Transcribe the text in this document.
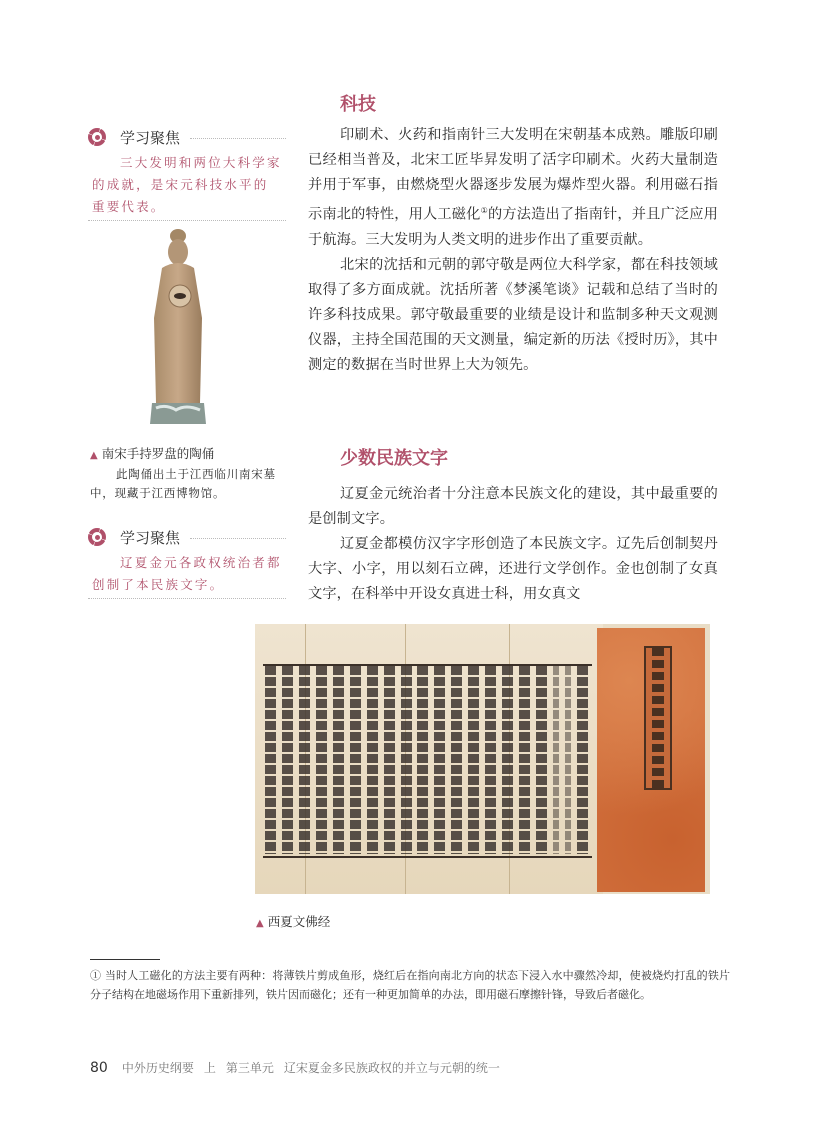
学习聚焦
三大发明和两位大科学家的成就，是宋元科技水平的重要代表。
▲ 南宋手持罗盘的陶俑
此陶俑出土于江西临川南宋墓中，现藏于江西博物馆。
学习聚焦
辽夏金元各政权统治者都创制了本民族文字。
科技

印刷术、火药和指南针三大发明在宋朝基本成熟。雕版印刷已经相当普及，北宋工匠毕昇发明了活字印刷术。火药大量制造并用于军事，由燃烧型火器逐步发展为爆炸型火器。利用磁石指示南北的特性，用人工磁化①的方法造出了指南针，并且广泛应用于航海。三大发明为人类文明的进步作出了重要贡献。

北宋的沈括和元朝的郭守敬是两位大科学家，都在科技领域取得了多方面成就。沈括所著《梦溪笔谈》记载和总结了当时的许多科技成果。郭守敬最重要的业绩是设计和监制多种天文观测仪器，主持全国范围的天文测量，编定新的历法《授时历》，其中测定的数据在当时世界上大为领先。

少数民族文字

辽夏金元统治者十分注意本民族文化的建设，其中最重要的是创制文字。

辽夏金都模仿汉字字形创造了本民族文字。辽先后创制契丹大字、小字，用以刻石立碑，还进行文学创作。金也创制了女真文字，在科举中开设女真进士科，用女真文

▲ 西夏文佛经
① 当时人工磁化的方法主要有两种：将薄铁片剪成鱼形，烧红后在指向南北方向的状态下浸入水中骤然冷却，使被烧灼打乱的铁片分子结构在地磁场作用下重新排列，铁片因而磁化；还有一种更加简单的办法，即用磁石摩擦针锋，导致后者磁化。
80 中外历史纲要 上 第三单元 辽宋夏金多民族政权的并立与元朝的统一
